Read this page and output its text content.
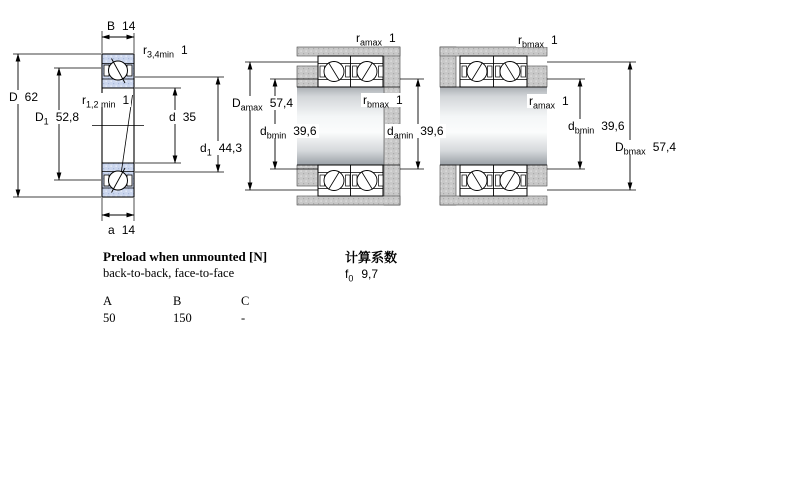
B 14
$r_{3,4min}$ 1
D 62
$D_1$ 52,8
$r_{1,2 min}$ 1
d 35
$d_1$ 44,3
a 14
$r_{amax}$ 1
$D_{amax}$ 57,4	$r_{bmax}$ 1
$d_{bmin}$ 39,6	$d_{amin}$ 39,6
$r_{bmax}$ 1
$r_{amax}$ 1
$d_{bmin}$ 39,6
$D_{bmax}$ 57,4
Preload when unmounted [N]
back-to-back, face-to-face
A	B	C
50	150	-
计算系数
$f_0$ 9,7
